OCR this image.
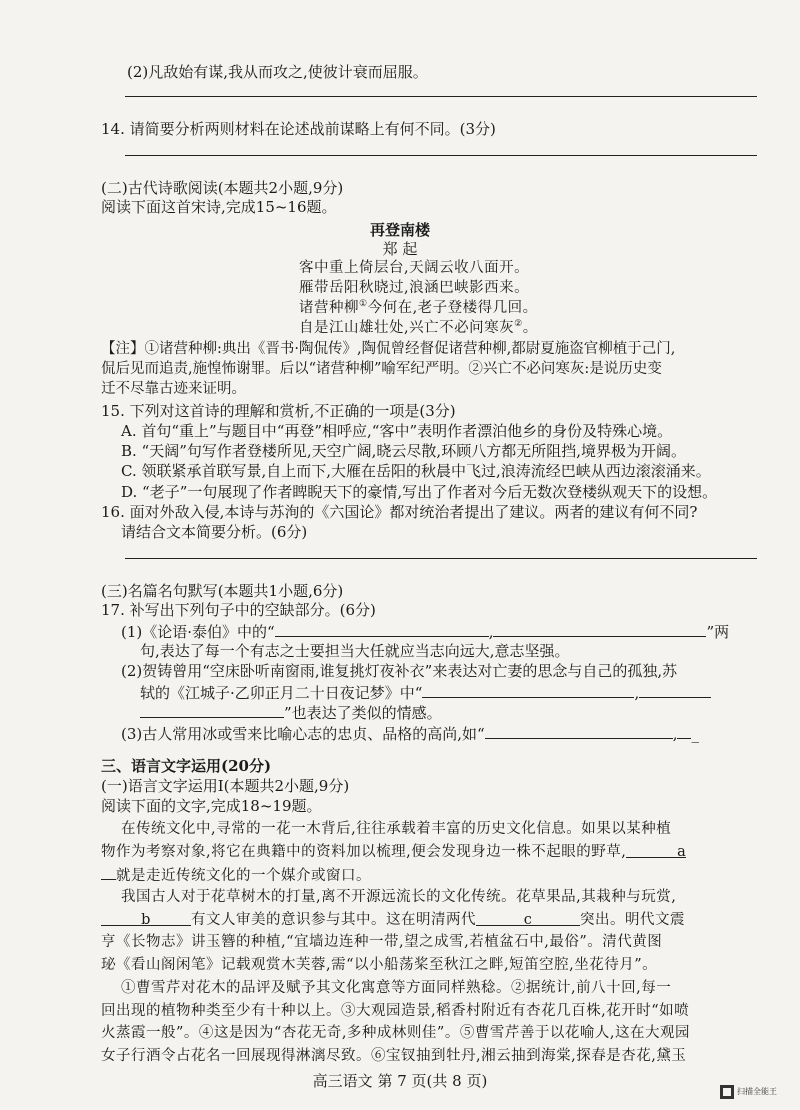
(2)凡敌始有谋,我从而攻之,使彼计衰而屈服。
14. 请简要分析两则材料在论述战前谋略上有何不同。(3分)
(二)古代诗歌阅读(本题共2小题,9分)
阅读下面这首宋诗,完成15~16题。
再登南楼
郑 起
客中重上倚层台,天阔云收八面开。
雁带岳阳秋晓过,浪涵巴峡影西来。
诸营种柳①今何在,老子登楼得几回。
自是江山雄壮处,兴亡不必问寒灰②。
【注】①诸营种柳:典出《晋书·陶侃传》,陶侃曾经督促诸营种柳,都尉夏施盗官柳植于己门,
侃后见而追责,施惶怖谢罪。后以“诸营种柳”喻军纪严明。②兴亡不必问寒灰:是说历史变
迁不尽靠古迹来证明。
15. 下列对这首诗的理解和赏析,不正确的一项是(3分)
A. 首句“重上”与题目中“再登”相呼应,“客中”表明作者漂泊他乡的身份及特殊心境。
B. “天阔”句写作者登楼所见,天空广阔,晓云尽散,环顾八方都无所阻挡,境界极为开阔。
C. 领联紧承首联写景,自上而下,大雁在岳阳的秋晨中飞过,浪涛流经巴峡从西边滚滚涌来。
D. “老子”一句展现了作者睥睨天下的豪情,写出了作者对今后无数次登楼纵观天下的设想。
16. 面对外敌入侵,本诗与苏洵的《六国论》都对统治者提出了建议。两者的建议有何不同?
请结合文本简要分析。(6分)
(三)名篇名句默写(本题共1小题,6分)
17. 补写出下列句子中的空缺部分。(6分)
(1)《论语·泰伯》中的“	,	”两
句,表达了每一个有志之士要担当大任就应当志向远大,意志坚强。
(2)贺铸曾用“空床卧听南窗雨,谁复挑灯夜补衣”来表达对亡妻的思念与自己的孤独,苏
轼的《江城子·乙卯正月二十日夜记梦》中“	,
”也表达了类似的情感。
(3)古人常用冰或雪来比喻心志的忠贞、品格的高尚,如“	, _
三、语言文字运用(20分)
(一)语言文字运用Ⅰ(本题共2小题,9分)
阅读下面的文字,完成18~19题。
在传统文化中,寻常的一花一木背后,往往承载着丰富的历史文化信息。如果以某种植
物作为考察对象,将它在典籍中的资料加以梳理,便会发现身边一株不起眼的野草,	a
就是走近传统文化的一个媒介或窗口。
我国古人对于花草树木的打量,离不开源远流长的文化传统。花草果品,其栽种与玩赏,
b	有文人审美的意识参与其中。这在明清两代	c	突出。明代文震
亨《长物志》讲玉簪的种植,“宜墙边连种一带,望之成雪,若植盆石中,最俗”。清代黄图
珌《看山阁闲笔》记载观赏木芙蓉,需“以小船荡桨至秋江之畔,短笛空腔,坐花待月”。
①曹雪芹对花木的品评及赋予其文化寓意等方面同样熟稔。②据统计,前八十回,每一
回出现的植物种类至少有十种以上。③大观园造景,稻香村附近有杏花几百株,花开时“如喷
火蒸霞一般”。④这是因为“杏花无奇,多种成林则佳”。⑤曹雪芹善于以花喻人,这在大观园
女子行酒令占花名一回展现得淋漓尽致。⑥宝钗抽到牡丹,湘云抽到海棠,探春是杏花,黛玉
高三语文 第 7 页(共 8 页)
扫描全能王
